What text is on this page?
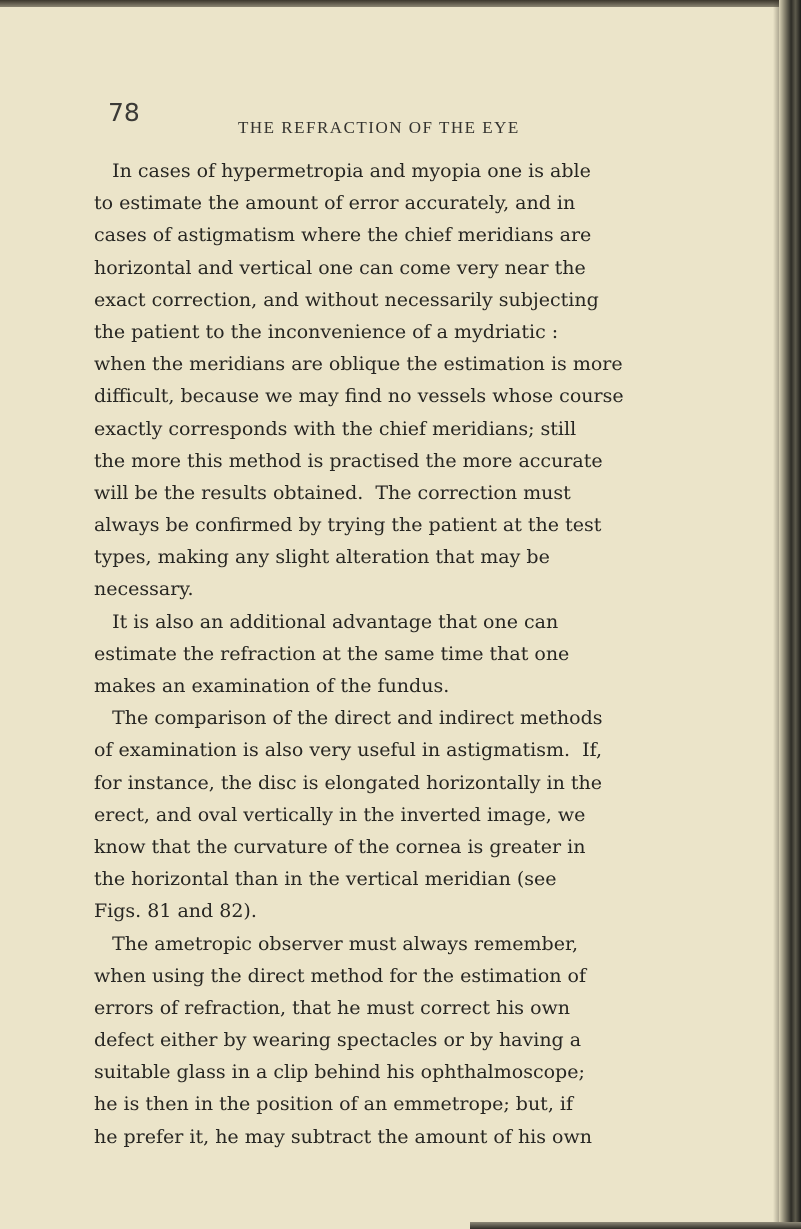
78
THE REFRACTION OF THE EYE
In cases of hypermetropia and myopia one is able
to estimate the amount of error accurately, and in
cases of astigmatism where the chief meridians are
horizontal and vertical one can come very near the
exact correction, and without necessarily subjecting
the patient to the inconvenience of a mydriatic :
when the meridians are oblique the estimation is more
difficult, because we may find no vessels whose course
exactly corresponds with the chief meridians; still
the more this method is practised the more accurate
will be the results obtained.  The correction must
always be confirmed by trying the patient at the test
types, making any slight alteration that may be
necessary.
It is also an additional advantage that one can
estimate the refraction at the same time that one
makes an examination of the fundus.
The comparison of the direct and indirect methods
of examination is also very useful in astigmatism.  If,
for instance, the disc is elongated horizontally in the
erect, and oval vertically in the inverted image, we
know that the curvature of the cornea is greater in
the horizontal than in the vertical meridian (see
Figs. 81 and 82).
The ametropic observer must always remember,
when using the direct method for the estimation of
errors of refraction, that he must correct his own
defect either by wearing spectacles or by having a
suitable glass in a clip behind his ophthalmoscope;
he is then in the position of an emmetrope; but, if
he prefer it, he may subtract the amount of his own
